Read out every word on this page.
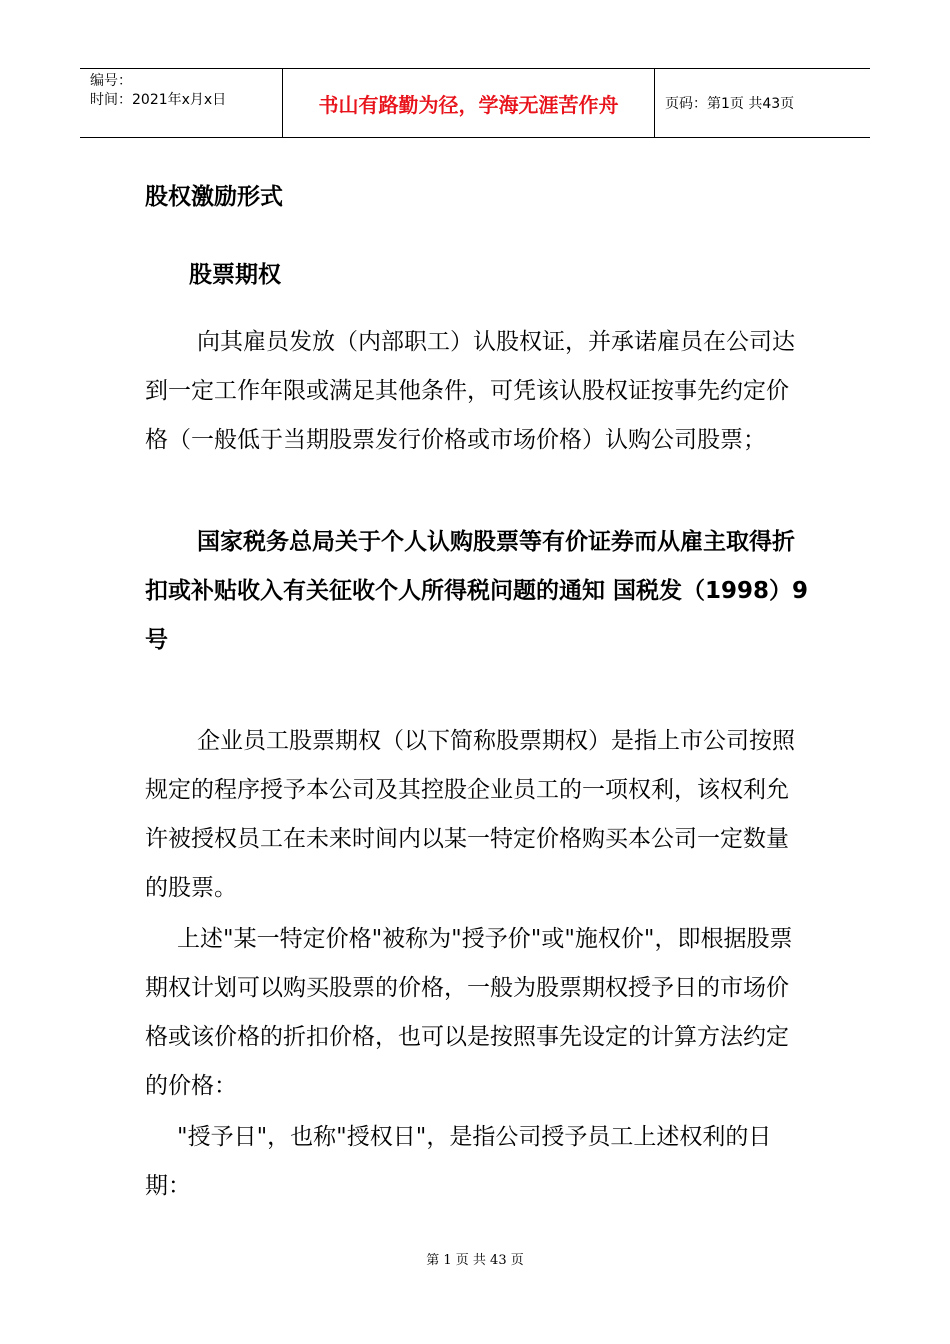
编号：
时间：2021年x月x日	书山有路勤为径，学海无涯苦作舟	页码：第1页 共43页
股权激励形式
股票期权
向其雇员发放（内部职工）认股权证，并承诺雇员在公司达到一定工作年限或满足其他条件，可凭该认股权证按事先约定价格（一般低于当期股票发行价格或市场价格）认购公司股票；
国家税务总局关于个人认购股票等有价证券而从雇主取得折扣或补贴收入有关征收个人所得税问题的通知 国税发（1998）9号
企业员工股票期权（以下简称股票期权）是指上市公司按照规定的程序授予本公司及其控股企业员工的一项权利，该权利允许被授权员工在未来时间内以某一特定价格购买本公司一定数量的股票。
上述"某一特定价格"被称为"授予价"或"施权价"，即根据股票期权计划可以购买股票的价格，一般为股票期权授予日的市场价格或该价格的折扣价格，也可以是按照事先设定的计算方法约定的价格：
"授予日"，也称"授权日"，是指公司授予员工上述权利的日期：
第 1 页 共 43 页
